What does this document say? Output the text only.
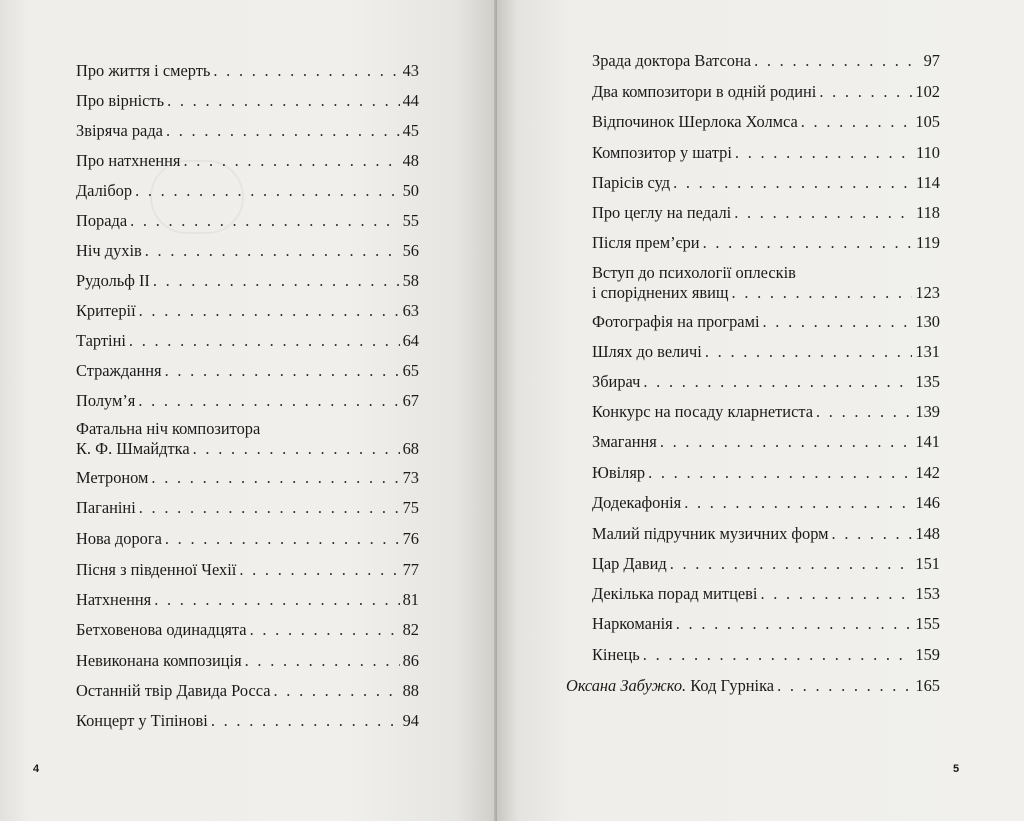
Про життя і смерть . . .	43
Про вірність . . .	44
Звіряча рада . . .	45
Про натхнення . . .	48
Далібор . . .	50
Порада . . .	55
Ніч духів . . .	56
Рудольф II . . .	58
Критерії . . .	63
Тартіні . . .	64
Страждання . . .	65
Полум’я . . .	67
Фатальна ніч композитора
К. Ф. Шмайдтка . . .	68
Метроном . . .	73
Паганіні . . .	75
Нова дорога . . .	76
Пісня з південної Чехії . . .	77
Натхнення . . .	81
Бетховенова одинадцята . . .	82
Невиконана композиція . . .	86
Останній твір Давида Росса . . .	88
Концерт у Тіпінові . . .	94
4
Зрада доктора Ватсона . . .	97
Два композитори в одній родині . . .	102
Відпочинок Шерлока Холмса . . .	105
Композитор у шатрі . . .	110
Парісів суд . . .	114
Про цеглу на педалі . . .	118
Після прем’єри . . .	119
Вступ до психології оплесків
і споріднених явищ . . .	123
Фотографія на програмі . . .	130
Шлях до величі . . .	131
Збирач . . .	135
Конкурс на посаду кларнетиста . . .	139
Змагання . . .	141
Ювіляр . . .	142
Додекафонія . . .	146
Малий підручник музичних форм . . .	148
Цар Давид . . .	151
Декілька порад митцеві . . .	153
Наркоманія . . .	155
Кінець . . .	159
Оксана Забужко. Код Гурніка . . .	165
5
